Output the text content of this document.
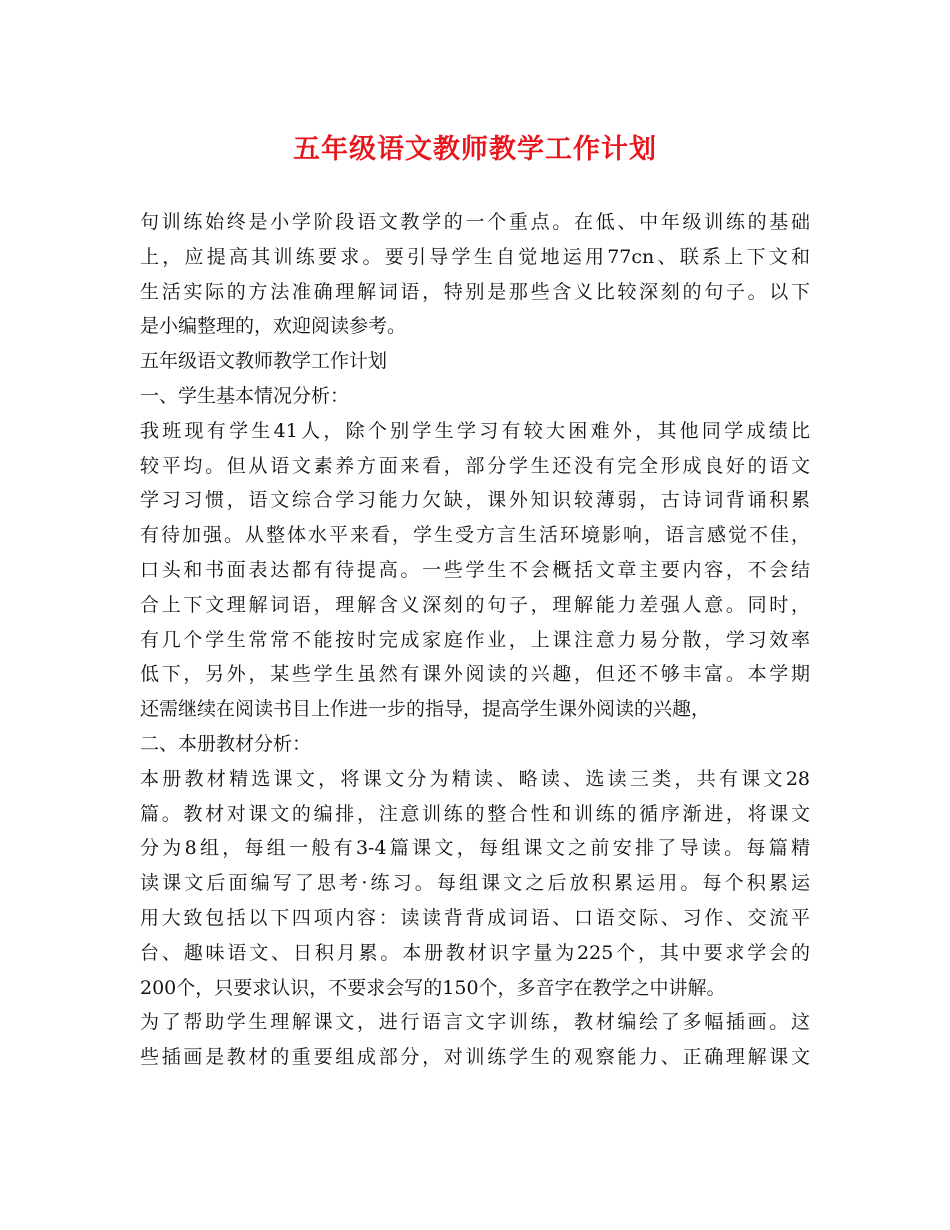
五年级语文教师教学工作计划
句训练始终是小学阶段语文教学的一个重点。在低、中年级训练的基础
上，应提高其训练要求。要引导学生自觉地运用77cn、联系上下文和
生活实际的方法准确理解词语，特别是那些含义比较深刻的句子。以下
是小编整理的，欢迎阅读参考。
五年级语文教师教学工作计划
一、学生基本情况分析：
我班现有学生41人，除个别学生学习有较大困难外，其他同学成绩比
较平均。但从语文素养方面来看，部分学生还没有完全形成良好的语文
学习习惯，语文综合学习能力欠缺，课外知识较薄弱，古诗词背诵积累
有待加强。从整体水平来看，学生受方言生活环境影响，语言感觉不佳，
口头和书面表达都有待提高。一些学生不会概括文章主要内容，不会结
合上下文理解词语，理解含义深刻的句子，理解能力差强人意。同时，
有几个学生常常不能按时完成家庭作业，上课注意力易分散，学习效率
低下，另外，某些学生虽然有课外阅读的兴趣，但还不够丰富。本学期
还需继续在阅读书目上作进一步的指导，提高学生课外阅读的兴趣，
二、本册教材分析：
本册教材精选课文，将课文分为精读、略读、选读三类，共有课文28
篇。教材对课文的编排，注意训练的整合性和训练的循序渐进，将课文
分为8组，每组一般有3-4篇课文，每组课文之前安排了导读。每篇精
读课文后面编写了思考·练习。每组课文之后放积累运用。每个积累运
用大致包括以下四项内容：读读背背成词语、口语交际、习作、交流平
台、趣味语文、日积月累。本册教材识字量为225个，其中要求学会的
200个，只要求认识，不要求会写的150个，多音字在教学之中讲解。
为了帮助学生理解课文，进行语言文字训练，教材编绘了多幅插画。这
些插画是教材的重要组成部分，对训练学生的观察能力、正确理解课文
